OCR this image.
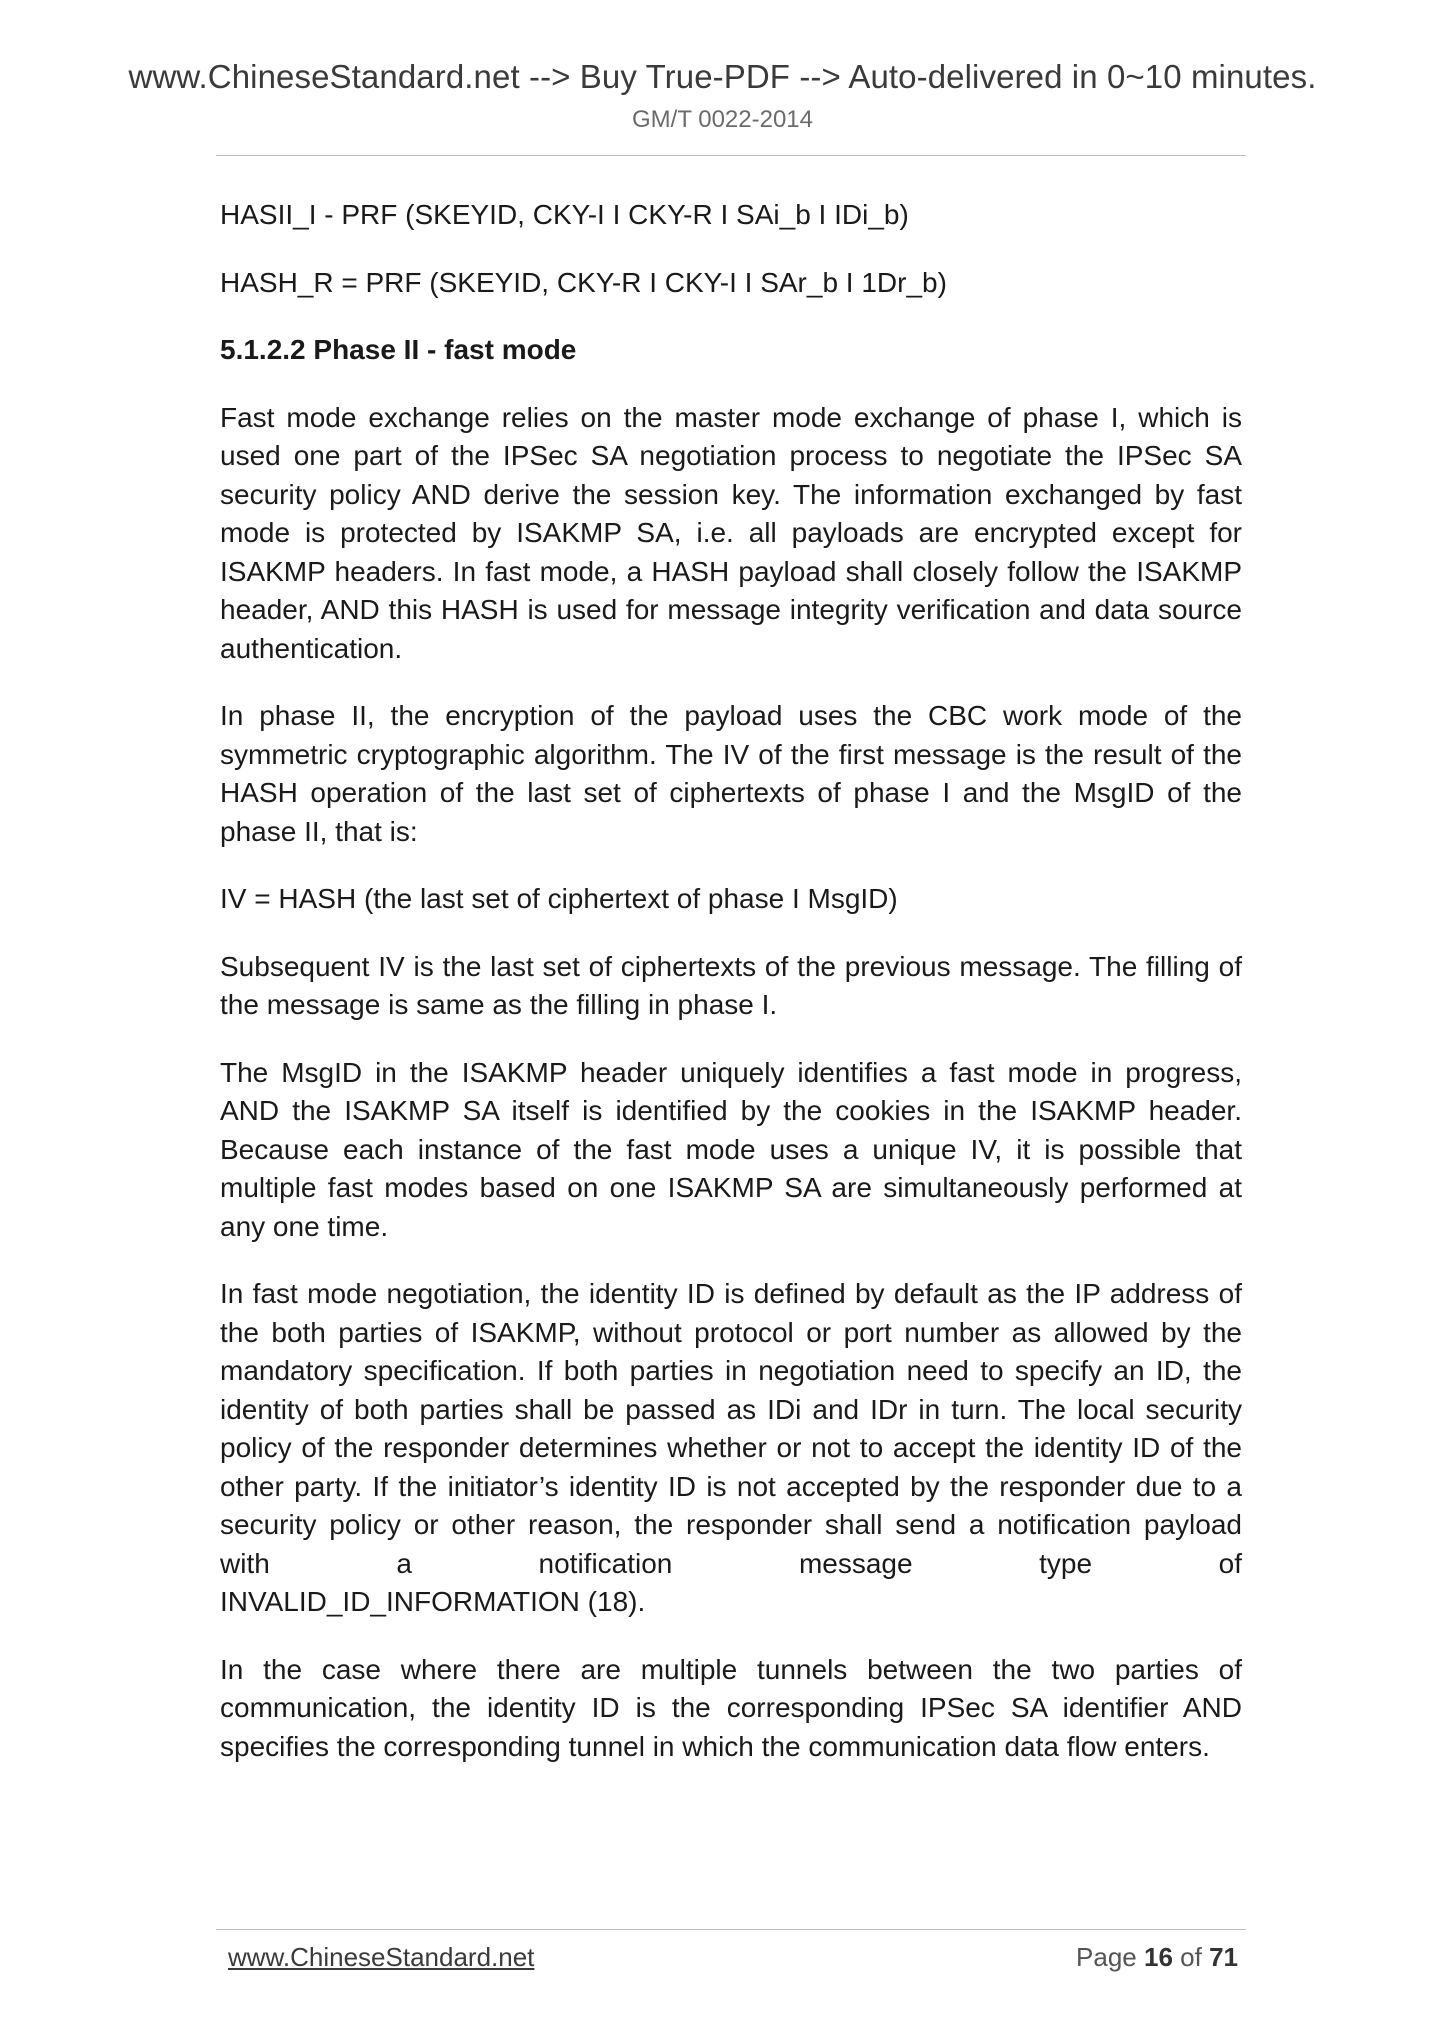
www.ChineseStandard.net --> Buy True-PDF --> Auto-delivered in 0~10 minutes.
GM/T 0022-2014

HASII_I - PRF (SKEYID, CKY-I I CKY-R I SAi_b I IDi_b)

HASH_R = PRF (SKEYID, CKY-R I CKY-I I SAr_b I 1Dr_b)

5.1.2.2 Phase II - fast mode

Fast mode exchange relies on the master mode exchange of phase I, which is used one part of the IPSec SA negotiation process to negotiate the IPSec SA security policy AND derive the session key. The information exchanged by fast mode is protected by ISAKMP SA, i.e. all payloads are encrypted except for ISAKMP headers. In fast mode, a HASH payload shall closely follow the ISAKMP header, AND this HASH is used for message integrity verification and data source authentication.

In phase II, the encryption of the payload uses the CBC work mode of the symmetric cryptographic algorithm. The IV of the first message is the result of the HASH operation of the last set of ciphertexts of phase I and the MsgID of the phase II, that is:

IV = HASH (the last set of ciphertext of phase I MsgID)

Subsequent IV is the last set of ciphertexts of the previous message. The filling of the message is same as the filling in phase I.

The MsgID in the ISAKMP header uniquely identifies a fast mode in progress, AND the ISAKMP SA itself is identified by the cookies in the ISAKMP header. Because each instance of the fast mode uses a unique IV, it is possible that multiple fast modes based on one ISAKMP SA are simultaneously performed at any one time.

In fast mode negotiation, the identity ID is defined by default as the IP address of the both parties of ISAKMP, without protocol or port number as allowed by the mandatory specification. If both parties in negotiation need to specify an ID, the identity of both parties shall be passed as IDi and IDr in turn. The local security policy of the responder determines whether or not to accept the identity ID of the other party. If the initiator’s identity ID is not accepted by the responder due to a security policy or other reason, the responder shall send a notification payload with a notification message type of

INVALID_ID_INFORMATION (18).

In the case where there are multiple tunnels between the two parties of communication, the identity ID is the corresponding IPSec SA identifier AND specifies the corresponding tunnel in which the communication data flow enters.

www.ChineseStandard.net	Page 16 of 71
